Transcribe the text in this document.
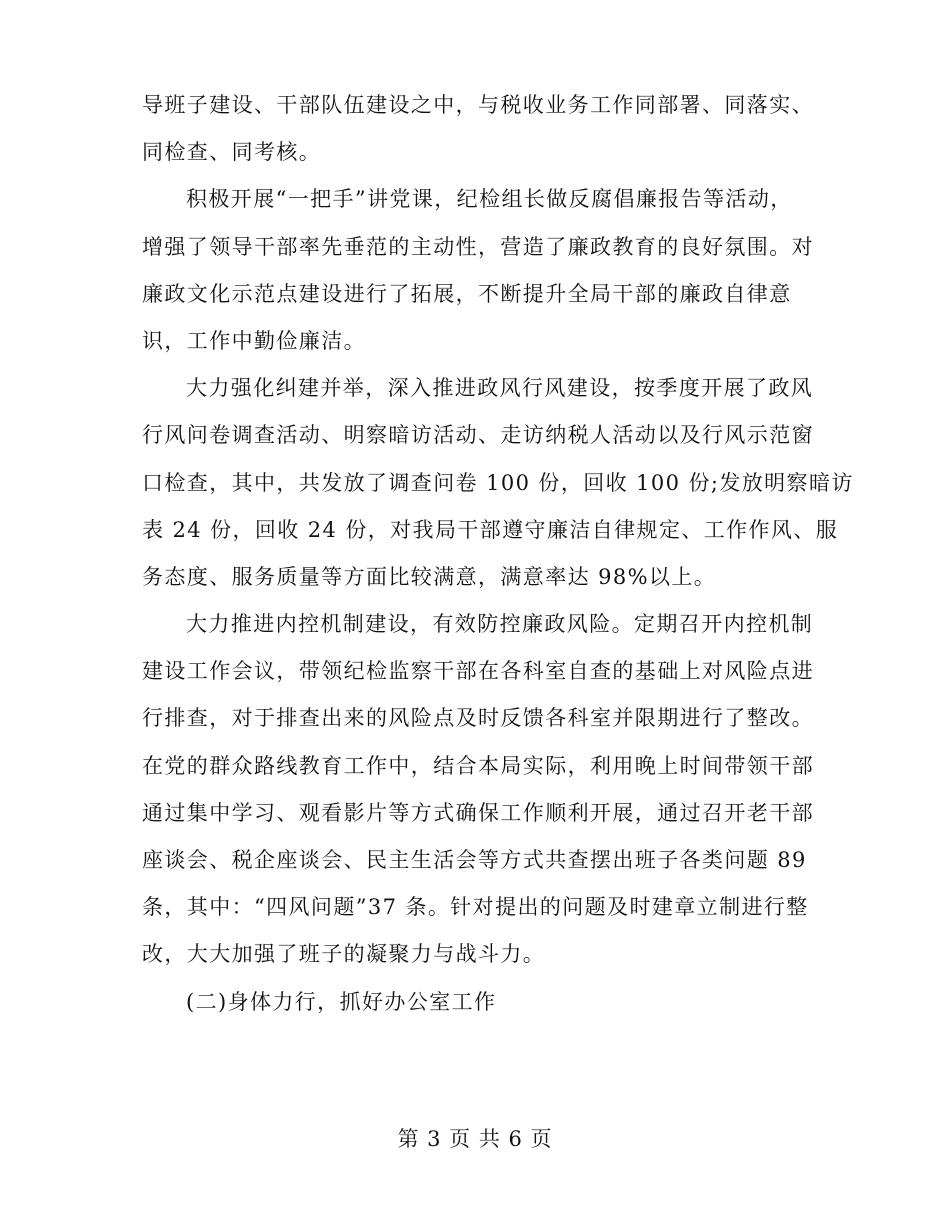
导班子建设、干部队伍建设之中，与税收业务工作同部署、同落实、
同检查、同考核。
积极开展“一把手”讲党课，纪检组长做反腐倡廉报告等活动，
增强了领导干部率先垂范的主动性，营造了廉政教育的良好氛围。对
廉政文化示范点建设进行了拓展，不断提升全局干部的廉政自律意
识，工作中勤俭廉洁。
大力强化纠建并举，深入推进政风行风建设，按季度开展了政风
行风问卷调查活动、明察暗访活动、走访纳税人活动以及行风示范窗
口检查，其中，共发放了调查问卷 100 份，回收 100 份;发放明察暗访
表 24 份，回收 24 份，对我局干部遵守廉洁自律规定、工作作风、服
务态度、服务质量等方面比较满意，满意率达 98%以上。
大力推进内控机制建设，有效防控廉政风险。定期召开内控机制
建设工作会议，带领纪检监察干部在各科室自查的基础上对风险点进
行排查，对于排查出来的风险点及时反馈各科室并限期进行了整改。
在党的群众路线教育工作中，结合本局实际，利用晚上时间带领干部
通过集中学习、观看影片等方式确保工作顺利开展，通过召开老干部
座谈会、税企座谈会、民主生活会等方式共查摆出班子各类问题 89
条，其中：“四风问题”37 条。针对提出的问题及时建章立制进行整
改，大大加强了班子的凝聚力与战斗力。
(二)身体力行，抓好办公室工作
第 3 页 共 6 页
